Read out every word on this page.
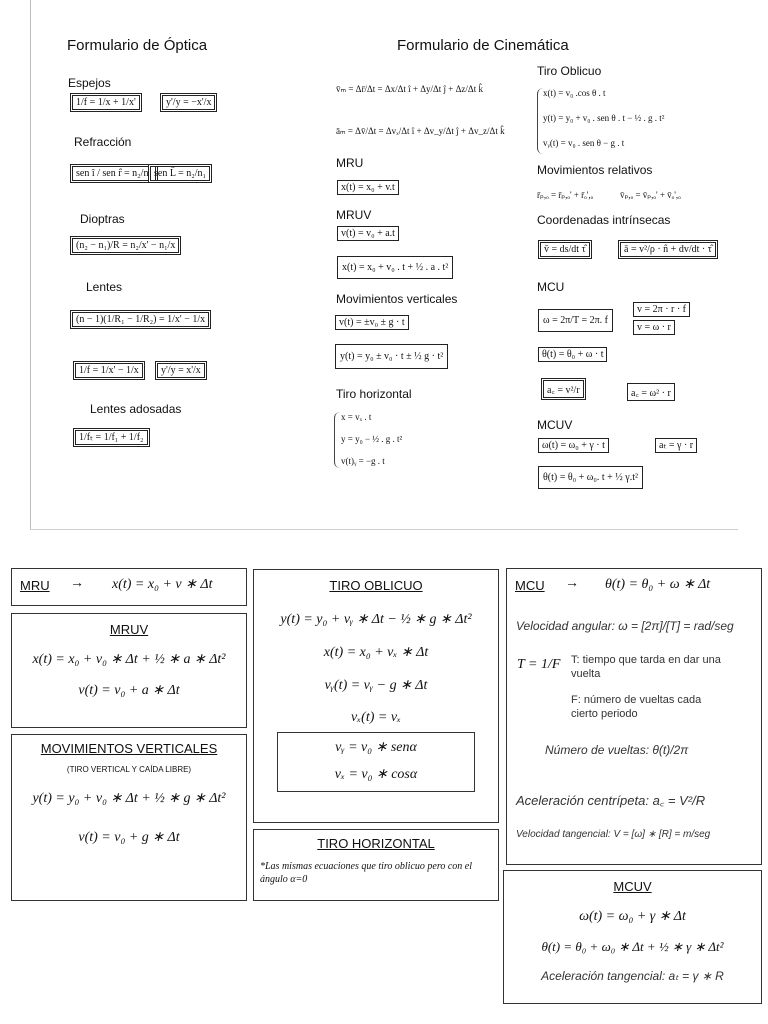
Formulario de Óptica	Formulario de Cinemática
Espejos
1/f = 1/x + 1/x'	y'/y = −x'/x
Refracción
sen î / sen r̂ = n₂/n₁ sen L̂ = n₂/n₁
Dioptras
(n₂ − n₁)/R = n₂/x' − n₁/x
Lentes
(n − 1)(1/R₁ − 1/R₂) = 1/x' − 1/x
1/f = 1/x' − 1/x	y'/y = x'/x
Lentes adosadas
1/fₜ = 1/f₁ + 1/f₂
v̄ₘ = Δr̄/Δt = Δx/Δt î + Δy/Δt ĵ + Δz/Δt k̂
āₘ = Δv̄/Δt = Δvₓ/Δt î + Δv_y/Δt ĵ + Δv_z/Δt k̂
MRU
x(t) = x₀ + v.t
MRUV
v(t) = v₀ + a.t
x(t) = x₀ + v₀ . t + ½ . a . t²
Movimientos verticales
v(t) = ±v₀ ± g · t
y(t) = y₀ ± v₀ · t ± ½ g · t²
Tiro horizontal
x = vₓ . t
y = y₀ − ½ . g . t²
v(t)ᵧ = −g . t
Tiro Oblicuo
x(t) = v₀ .cos θ . t
y(t) = y₀ + v₀ . sen θ . t − ½ . g . t²
vᵧ(t) = v₀ . sen θ − g . t
Movimientos relativos
r̄ₚ,ₒ = r̄ₚ,ₒ' + r̄ₒ',ₒ	v̄ₚ,ₒ = v̄ₚ,ₒ' + v̄ₒ',ₒ
Coordenadas intrínsecas
v̄ = ds/dt τ̂	ā = v²/ρ · n̂ + dv/dt · τ̂
MCU
ω = 2π/T = 2π. f
v = 2π · r · f
v = ω · r
θ(t) = θ₀ + ω · t
a꜀ = v²/r	a꜀ = ω² · r
MCUV
ω(t) = ω₀ + γ · t	aₜ = γ · r
θ(t) = θ₀ + ω₀. t + ½ γ.t²
MRU → x(t) = x₀ + v ∗ Δt
MRUV
x(t) = x₀ + v₀ ∗ Δt + ½ ∗ a ∗ Δt²
v(t) = v₀ + a ∗ Δt
MOVIMIENTOS VERTICALES
(TIRO VERTICAL Y CAÍDA LIBRE)
y(t) = y₀ + v₀ ∗ Δt + ½ ∗ g ∗ Δt²
v(t) = v₀ + g ∗ Δt
TIRO OBLICUO
y(t) = y₀ + vᵧ ∗ Δt − ½ ∗ g ∗ Δt²
x(t) = x₀ + vₓ ∗ Δt
vᵧ(t) = vᵧ − g ∗ Δt
vₓ(t) = vₓ
vᵧ = v₀ ∗ senα
vₓ = v₀ ∗ cosα
TIRO HORIZONTAL
*Las mismas ecuaciones que tiro oblicuo pero con el ángulo α=0
MCU → θ(t) = θ₀ + ω ∗ Δt
Velocidad angular: ω = [2π]/[T] = rad/seg
T = 1/F T: tiempo que tarda en dar una vuelta
F: número de vueltas cada cierto periodo
Número de vueltas: θ(t)/2π
Aceleración centrípeta: a꜀ = V²/R
Velocidad tangencial: V = [ω] ∗ [R] = m/seg
MCUV
ω(t) = ω₀ + γ ∗ Δt
θ(t) = θ₀ + ω₀ ∗ Δt + ½ ∗ γ ∗ Δt²
Aceleración tangencial: aₜ = γ ∗ R
